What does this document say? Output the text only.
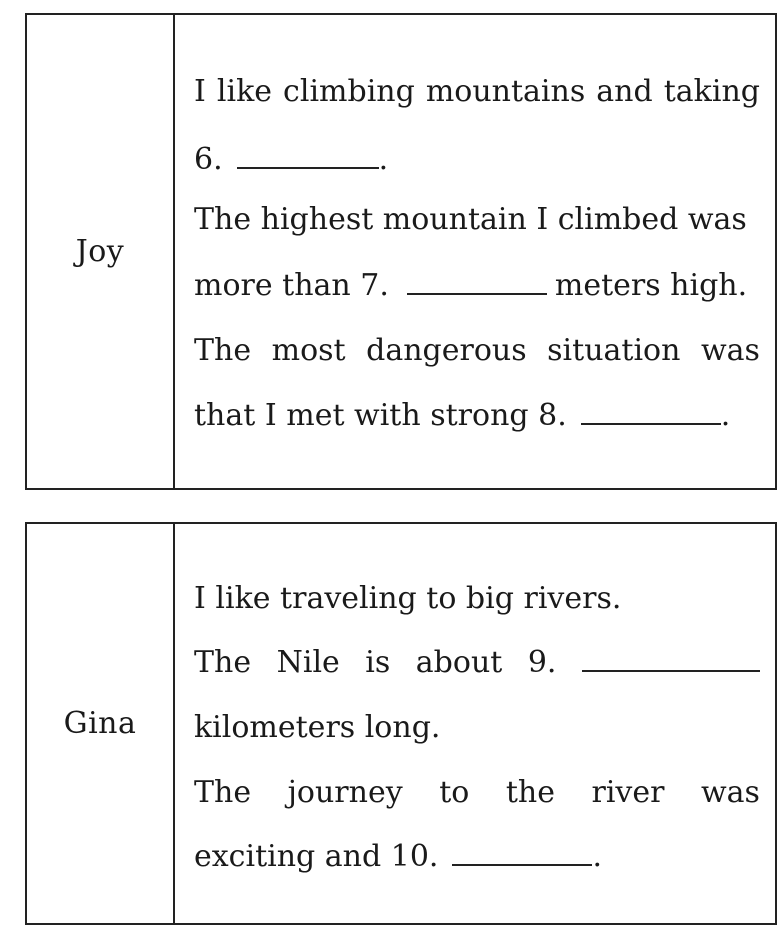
Joy
I like climbing mountains and taking
6.	.
The highest mountain I climbed was
more than 7.	meters high.
The most dangerous situation was
that I met with strong 8.	.
Gina
I like traveling to big rivers.
The Nile is about 9.
kilometers long.
The journey to the river was
exciting and 10.	.
